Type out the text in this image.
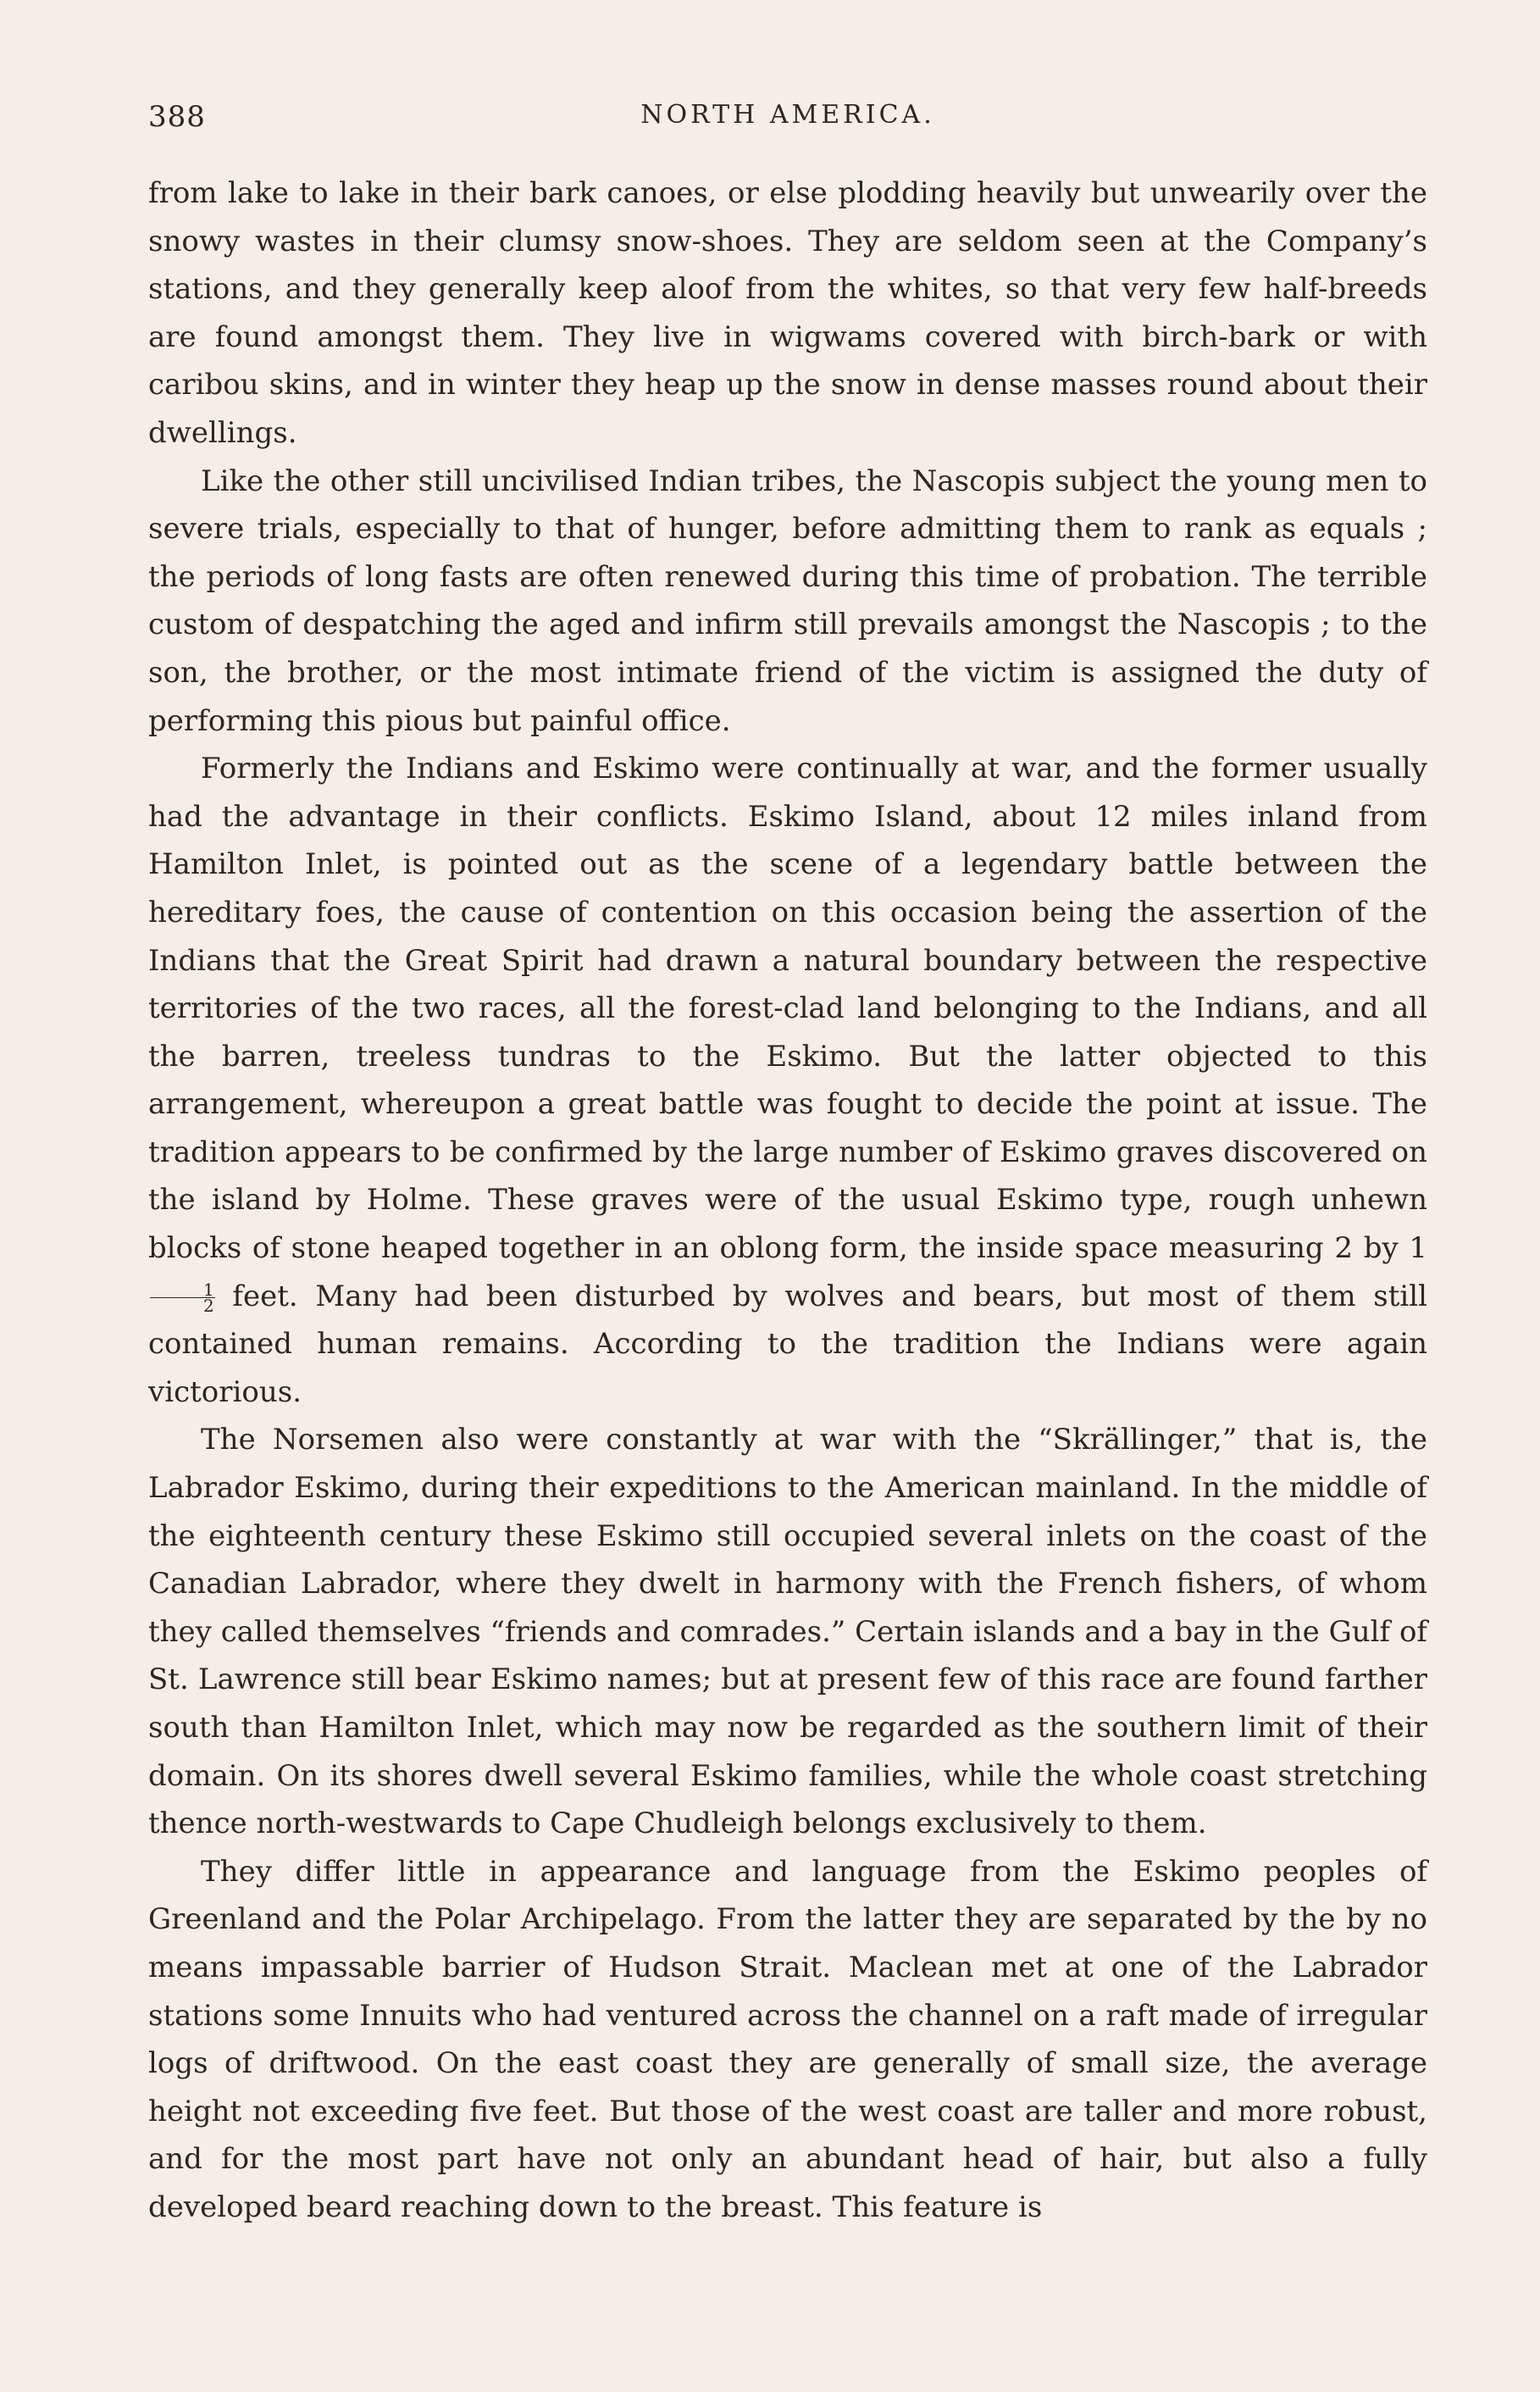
388	NORTH AMERICA.

from lake to lake in their bark canoes, or else plodding heavily but unwearily over the snowy wastes in their clumsy snow-shoes. They are seldom seen at the Company’s stations, and they generally keep aloof from the whites, so that very few half-breeds are found amongst them. They live in wigwams covered with birch-bark or with caribou skins, and in winter they heap up the snow in dense masses round about their dwellings.

Like the other still uncivilised Indian tribes, the Nascopis subject the young men to severe trials, especially to that of hunger, before admitting them to rank as equals ; the periods of long fasts are often renewed during this time of probation. The terrible custom of despatching the aged and infirm still prevails amongst the Nascopis ; to the son, the brother, or the most intimate friend of the victim is assigned the duty of performing this pious but painful office.

Formerly the Indians and Eskimo were continually at war, and the former usually had the advantage in their conflicts. Eskimo Island, about 12 miles inland from Hamilton Inlet, is pointed out as the scene of a legendary battle between the hereditary foes, the cause of contention on this occasion being the assertion of the Indians that the Great Spirit had drawn a natural boundary between the respective territories of the two races, all the forest-clad land belonging to the Indians, and all the barren, treeless tundras to the Eskimo. But the latter objected to this arrangement, whereupon a great battle was fought to decide the point at issue. The tradition appears to be confirmed by the large number of Eskimo graves discovered on the island by Holme. These graves were of the usual Eskimo type, rough unhewn blocks of stone heaped together in an oblong form, the inside space measuring 2 by 1
$\frac{1}{2}$ feet. Many had been disturbed by wolves and bears, but most of them still contained human remains. According to the tradition the Indians were again victorious.

The Norsemen also were constantly at war with the “Skrällinger,” that is, the Labrador Eskimo, during their expeditions to the American mainland. In the middle of the eighteenth century these Eskimo still occupied several inlets on the coast of the Canadian Labrador, where they dwelt in harmony with the French fishers, of whom they called themselves “friends and comrades.” Certain islands and a bay in the Gulf of St. Lawrence still bear Eskimo names; but at present few of this race are found farther south than Hamilton Inlet, which may now be regarded as the southern limit of their domain. On its shores dwell several Eskimo families, while the whole coast stretching thence north-westwards to Cape Chudleigh belongs exclusively to them.

They differ little in appearance and language from the Eskimo peoples of Greenland and the Polar Archipelago. From the latter they are separated by the by no means impassable barrier of Hudson Strait. Maclean met at one of the Labrador stations some Innuits who had ventured across the channel on a raft made of irregular logs of driftwood. On the east coast they are generally of small size, the average height not exceeding five feet. But those of the west coast are taller and more robust, and for the most part have not only an abundant head of hair, but also a fully developed beard reaching down to the breast. This feature is
